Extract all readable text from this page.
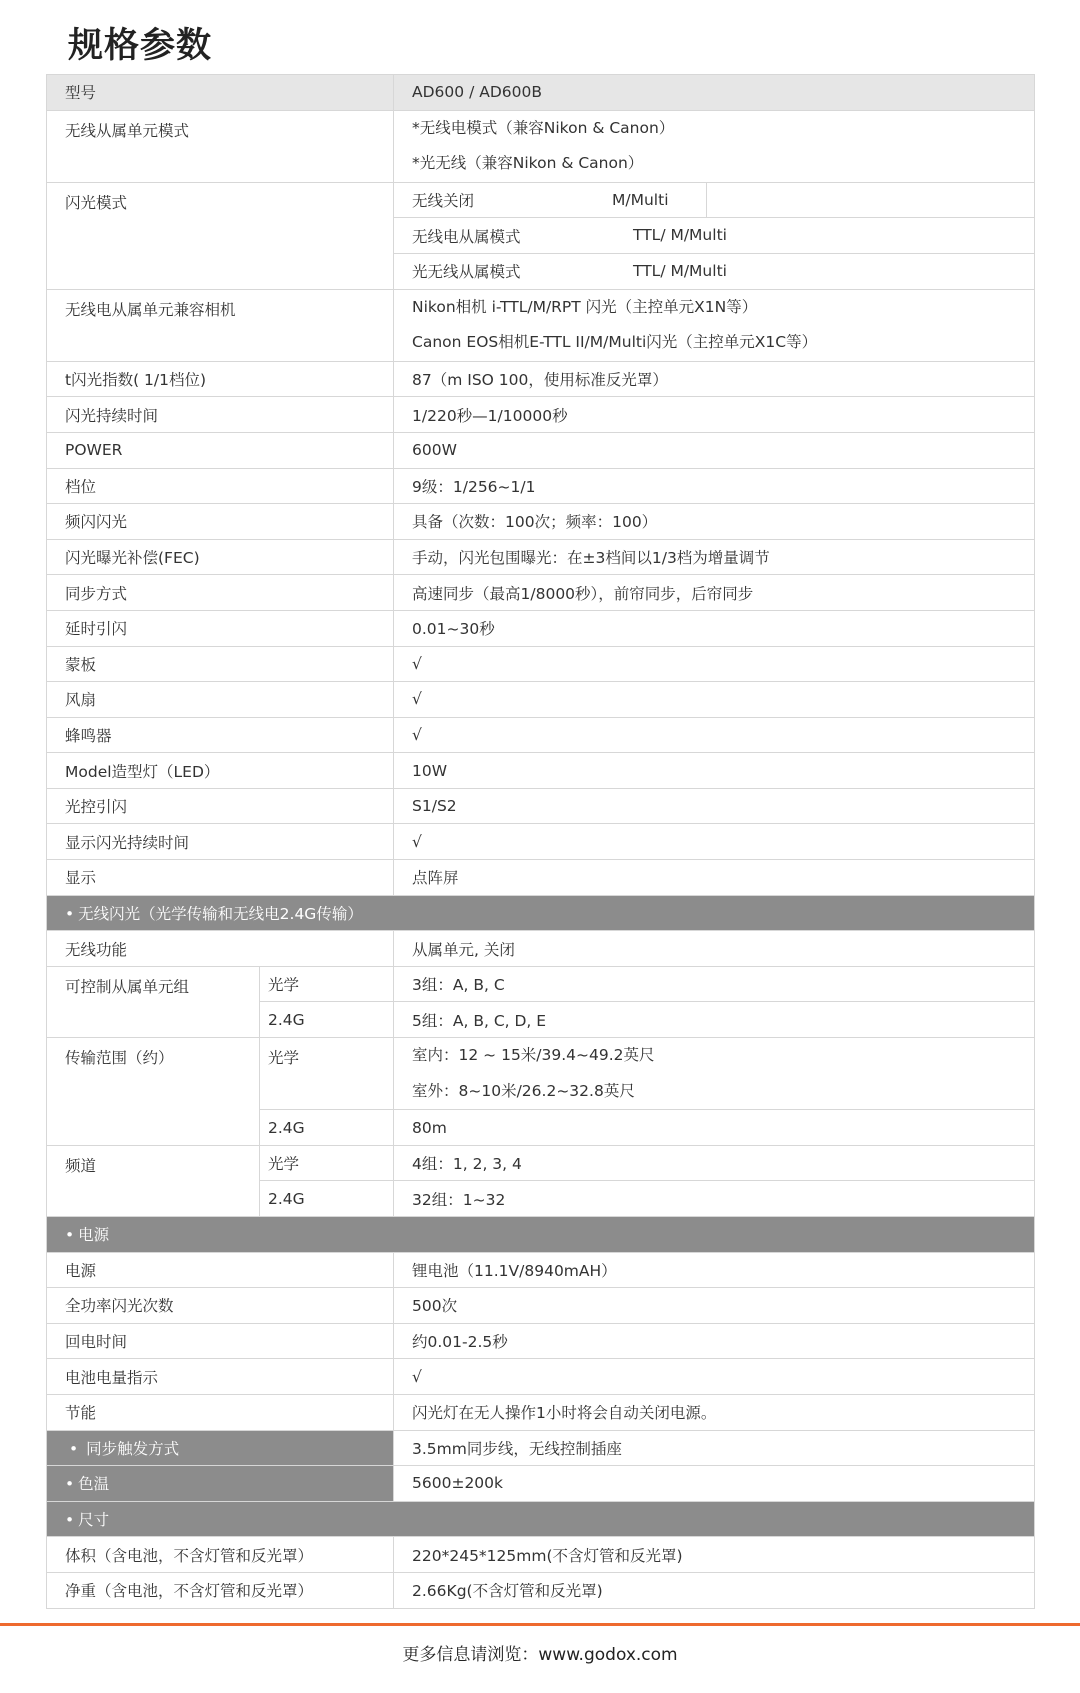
规格参数
型号		AD600 / AD600B
无线从属单元模式		*无线电模式（兼容Nikon & Canon）
*光无线（兼容Nikon & Canon）

闪光模式		无线关闭 M/Multi

		无线电从属模式 TTL/ M/Multi

		光无线从属模式 TTL/ M/Multi

无线电从属单元兼容相机		Nikon相机 i-TTL/M/RPT 闪光（主控单元X1N等）
Canon EOS相机E-TTL II/M/Multi闪光（主控单元X1C等）

t闪光指数( 1/1档位)		87（m ISO 100，使用标准反光罩）
闪光持续时间		1/220秒—1/10000秒
POWER		600W
档位		9级：1/256~1/1
频闪闪光		具备（次数：100次；频率：100）
闪光曝光补偿(FEC)		手动，闪光包围曝光：在±3档间以1/3档为增量调节
同步方式		高速同步（最高1/8000秒），前帘同步，后帘同步
延时引闪		0.01~30秒
蒙板		√
风扇		√
蜂鸣器		√
Model造型灯（LED）		10W
光控引闪		S1/S2
显示闪光持续时间		√
显示		点阵屏
• 无线闪光（光学传输和无线电2.4G传输）		
无线功能		从属单元, 关闭
可控制从属单元组	光学	3组：A, B, C
	2.4G	5组：A, B, C, D, E
传输范围（约）	光学	室内：12 ~ 15米/39.4~49.2英尺
室外：8~10米/26.2~32.8英尺

	2.4G	80m
频道	光学	4组：1, 2, 3, 4
	2.4G	32组：1~32
• 电源		
电源		锂电池（11.1V/8940mAH）
全功率闪光次数		500次
回电时间		约0.01-2.5秒
电池电量指示		√
节能		闪光灯在无人操作1小时将会自动关闭电源。
• 同步触发方式		3.5mm同步线，无线控制插座
• 色温		5600±200k
• 尺寸		
体积（含电池，不含灯管和反光罩）		220*245*125mm(不含灯管和反光罩)
净重（含电池，不含灯管和反光罩）		2.66Kg(不含灯管和反光罩)
更多信息请浏览：www.godox.com
